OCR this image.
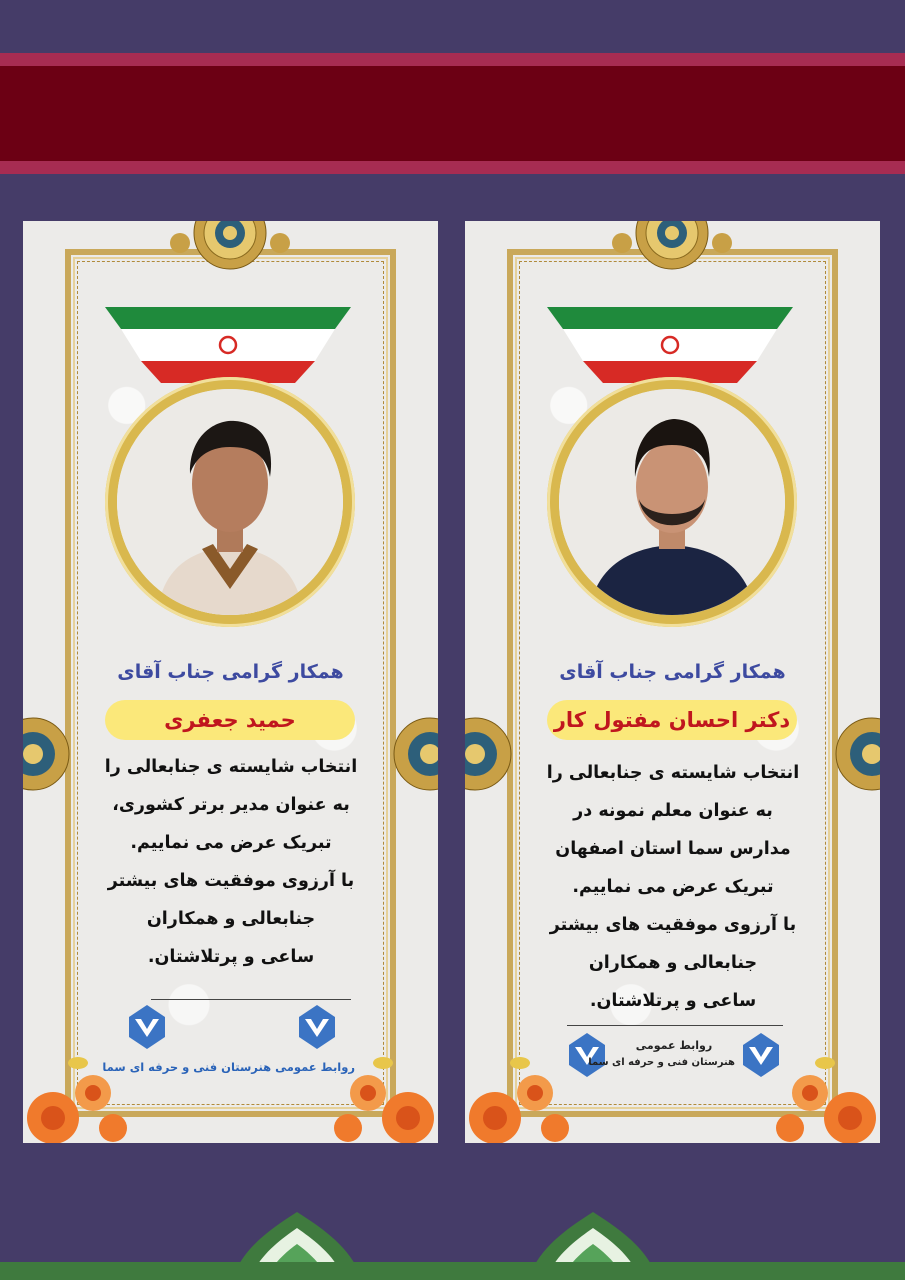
همکار گرامی جناب آقای
حمید جعفری
انتخاب شایسته ی جنابعالی را
به عنوان مدیر برتر کشوری،
تبریک عرض می نماییم.
با آرزوی موفقیت های بیشتر
جنابعالی و همکاران
ساعی و پرتلاشتان.
روابط عمومی هنرستان فنی و حرفه ای سما
همکار گرامی جناب آقای
دکتر احسان مفتول کار
انتخاب شایسته ی جنابعالی را
به عنوان معلم نمونه در
مدارس سما استان اصفهان
تبریک عرض می نماییم.
با آرزوی موفقیت های بیشتر
جنابعالی و همکاران
ساعی و پرتلاشتان.
روابط عمومی
هنرستان فنی و حرفه ای سما
